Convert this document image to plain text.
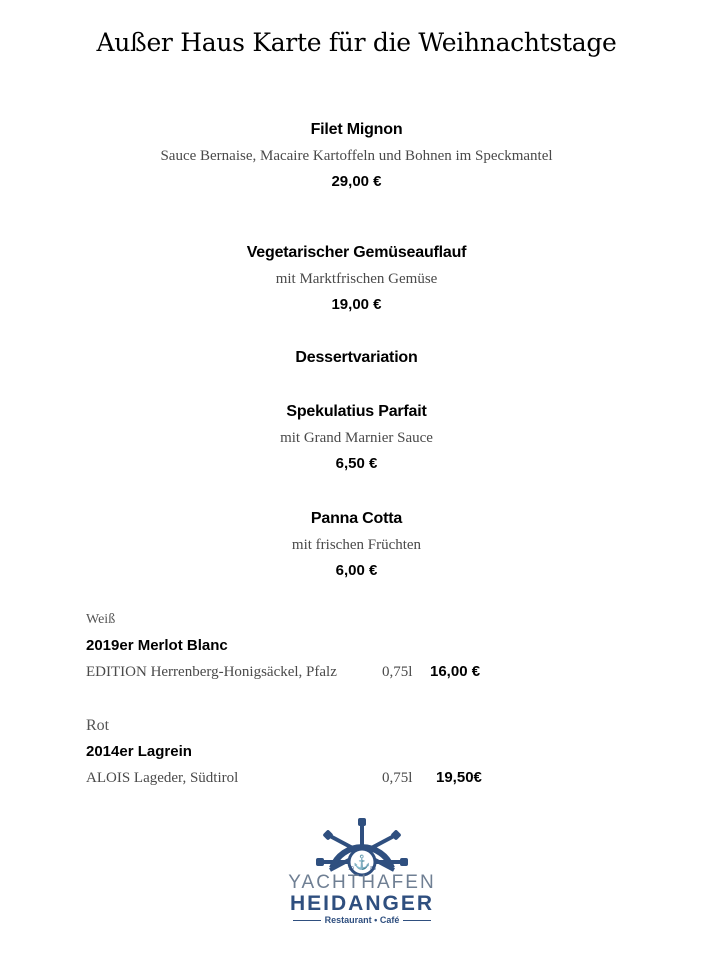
Außer Haus Karte für die Weihnachtstage
Filet Mignon
Sauce Bernaise, Macaire Kartoffeln und Bohnen im Speckmantel
29,00 €
Vegetarischer Gemüseauflauf
mit Marktfrischen Gemüse
19,00 €
Dessertvariation
Spekulatius Parfait
mit Grand Marnier Sauce
6,50 €
Panna Cotta
mit frischen Früchten
6,00 €
Weiß
2019er Merlot Blanc
EDITION Herrenberg-Honigsäckel, Pfalz	0,75l 16,00 €
Rot
2014er Lagrein
ALOIS Lageder, Südtirol	0,75l 19,50€
⚓
19	83
YACHTHAFEN
HEIDANGER
Restaurant • Café
